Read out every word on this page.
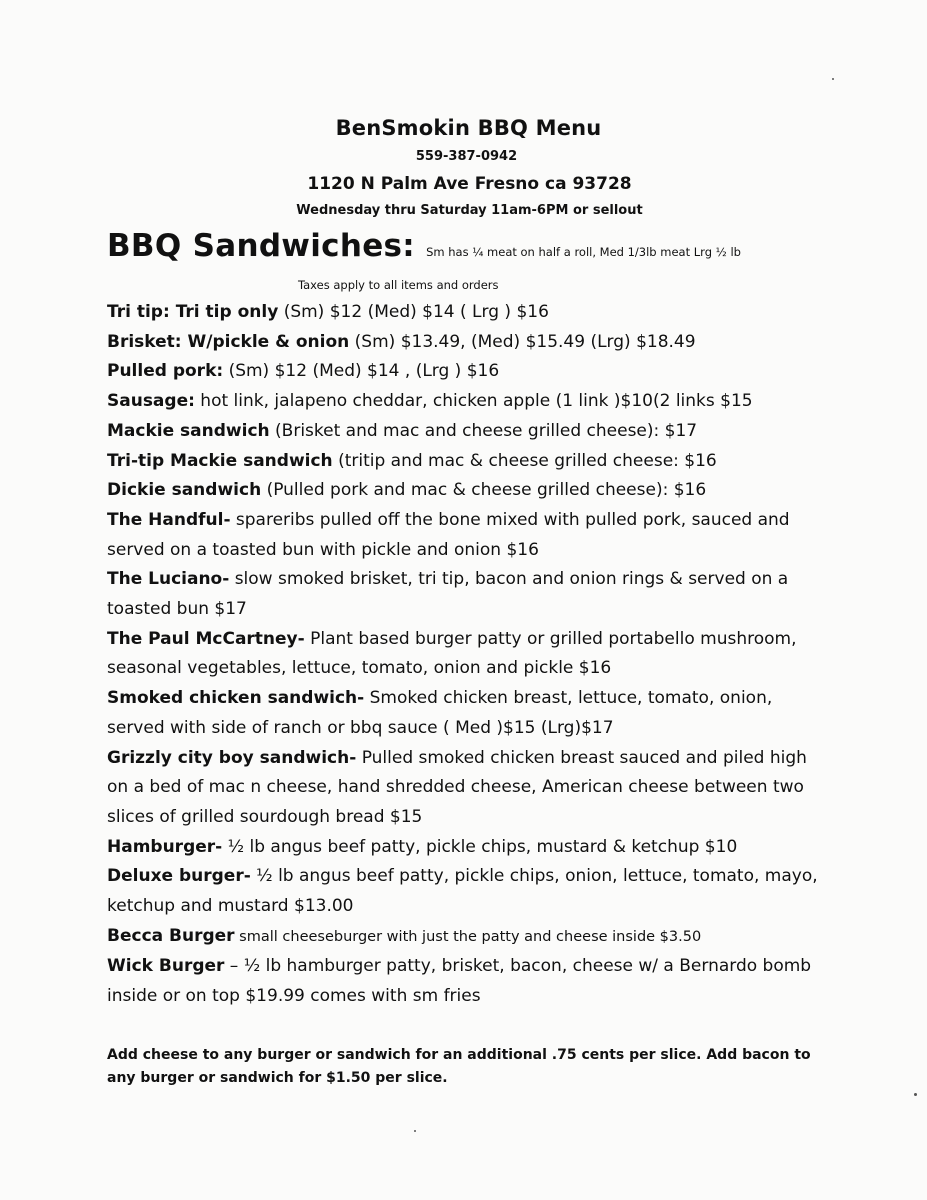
BenSmokin BBQ Menu
559-387-0942
1120 N Palm Ave Fresno ca 93728
Wednesday thru Saturday 11am-6PM or sellout
BBQ Sandwiches: Sm has ¼ meat on half a roll, Med 1/3lb meat Lrg ½ lb
Taxes apply to all items and orders

Tri tip: Tri tip only (Sm) $12 (Med) $14 ( Lrg ) $16

Brisket: W/pickle & onion (Sm) $13.49, (Med) $15.49 (Lrg) $18.49

Pulled pork: (Sm) $12 (Med) $14 , (Lrg ) $16

Sausage: hot link, jalapeno cheddar, chicken apple (1 link )$10(2 links $15

Mackie sandwich (Brisket and mac and cheese grilled cheese): $17

Tri-tip Mackie sandwich (tritip and mac & cheese grilled cheese: $16

Dickie sandwich (Pulled pork and mac & cheese grilled cheese): $16

The Handful- spareribs pulled off the bone mixed with pulled pork, sauced and served on a toasted bun with pickle and onion $16

The Luciano- slow smoked brisket, tri tip, bacon and onion rings & served on a toasted bun $17

The Paul McCartney- Plant based burger patty or grilled portabello mushroom, seasonal vegetables, lettuce, tomato, onion and pickle $16

Smoked chicken sandwich- Smoked chicken breast, lettuce, tomato, onion, served with side of ranch or bbq sauce ( Med )$15 (Lrg)$17

Grizzly city boy sandwich- Pulled smoked chicken breast sauced and piled high on a bed of mac n cheese, hand shredded cheese, American cheese between two slices of grilled sourdough bread $15

Hamburger- ½ lb angus beef patty, pickle chips, mustard & ketchup $10

Deluxe burger- ½ lb angus beef patty, pickle chips, onion, lettuce, tomato, mayo, ketchup and mustard $13.00

Becca Burger small cheeseburger with just the patty and cheese inside $3.50

Wick Burger – ½ lb hamburger patty, brisket, bacon, cheese w/ a Bernardo bomb inside or on top $19.99 comes with sm fries

Add cheese to any burger or sandwich for an additional .75 cents per slice. Add bacon to any burger or sandwich for $1.50 per slice.
